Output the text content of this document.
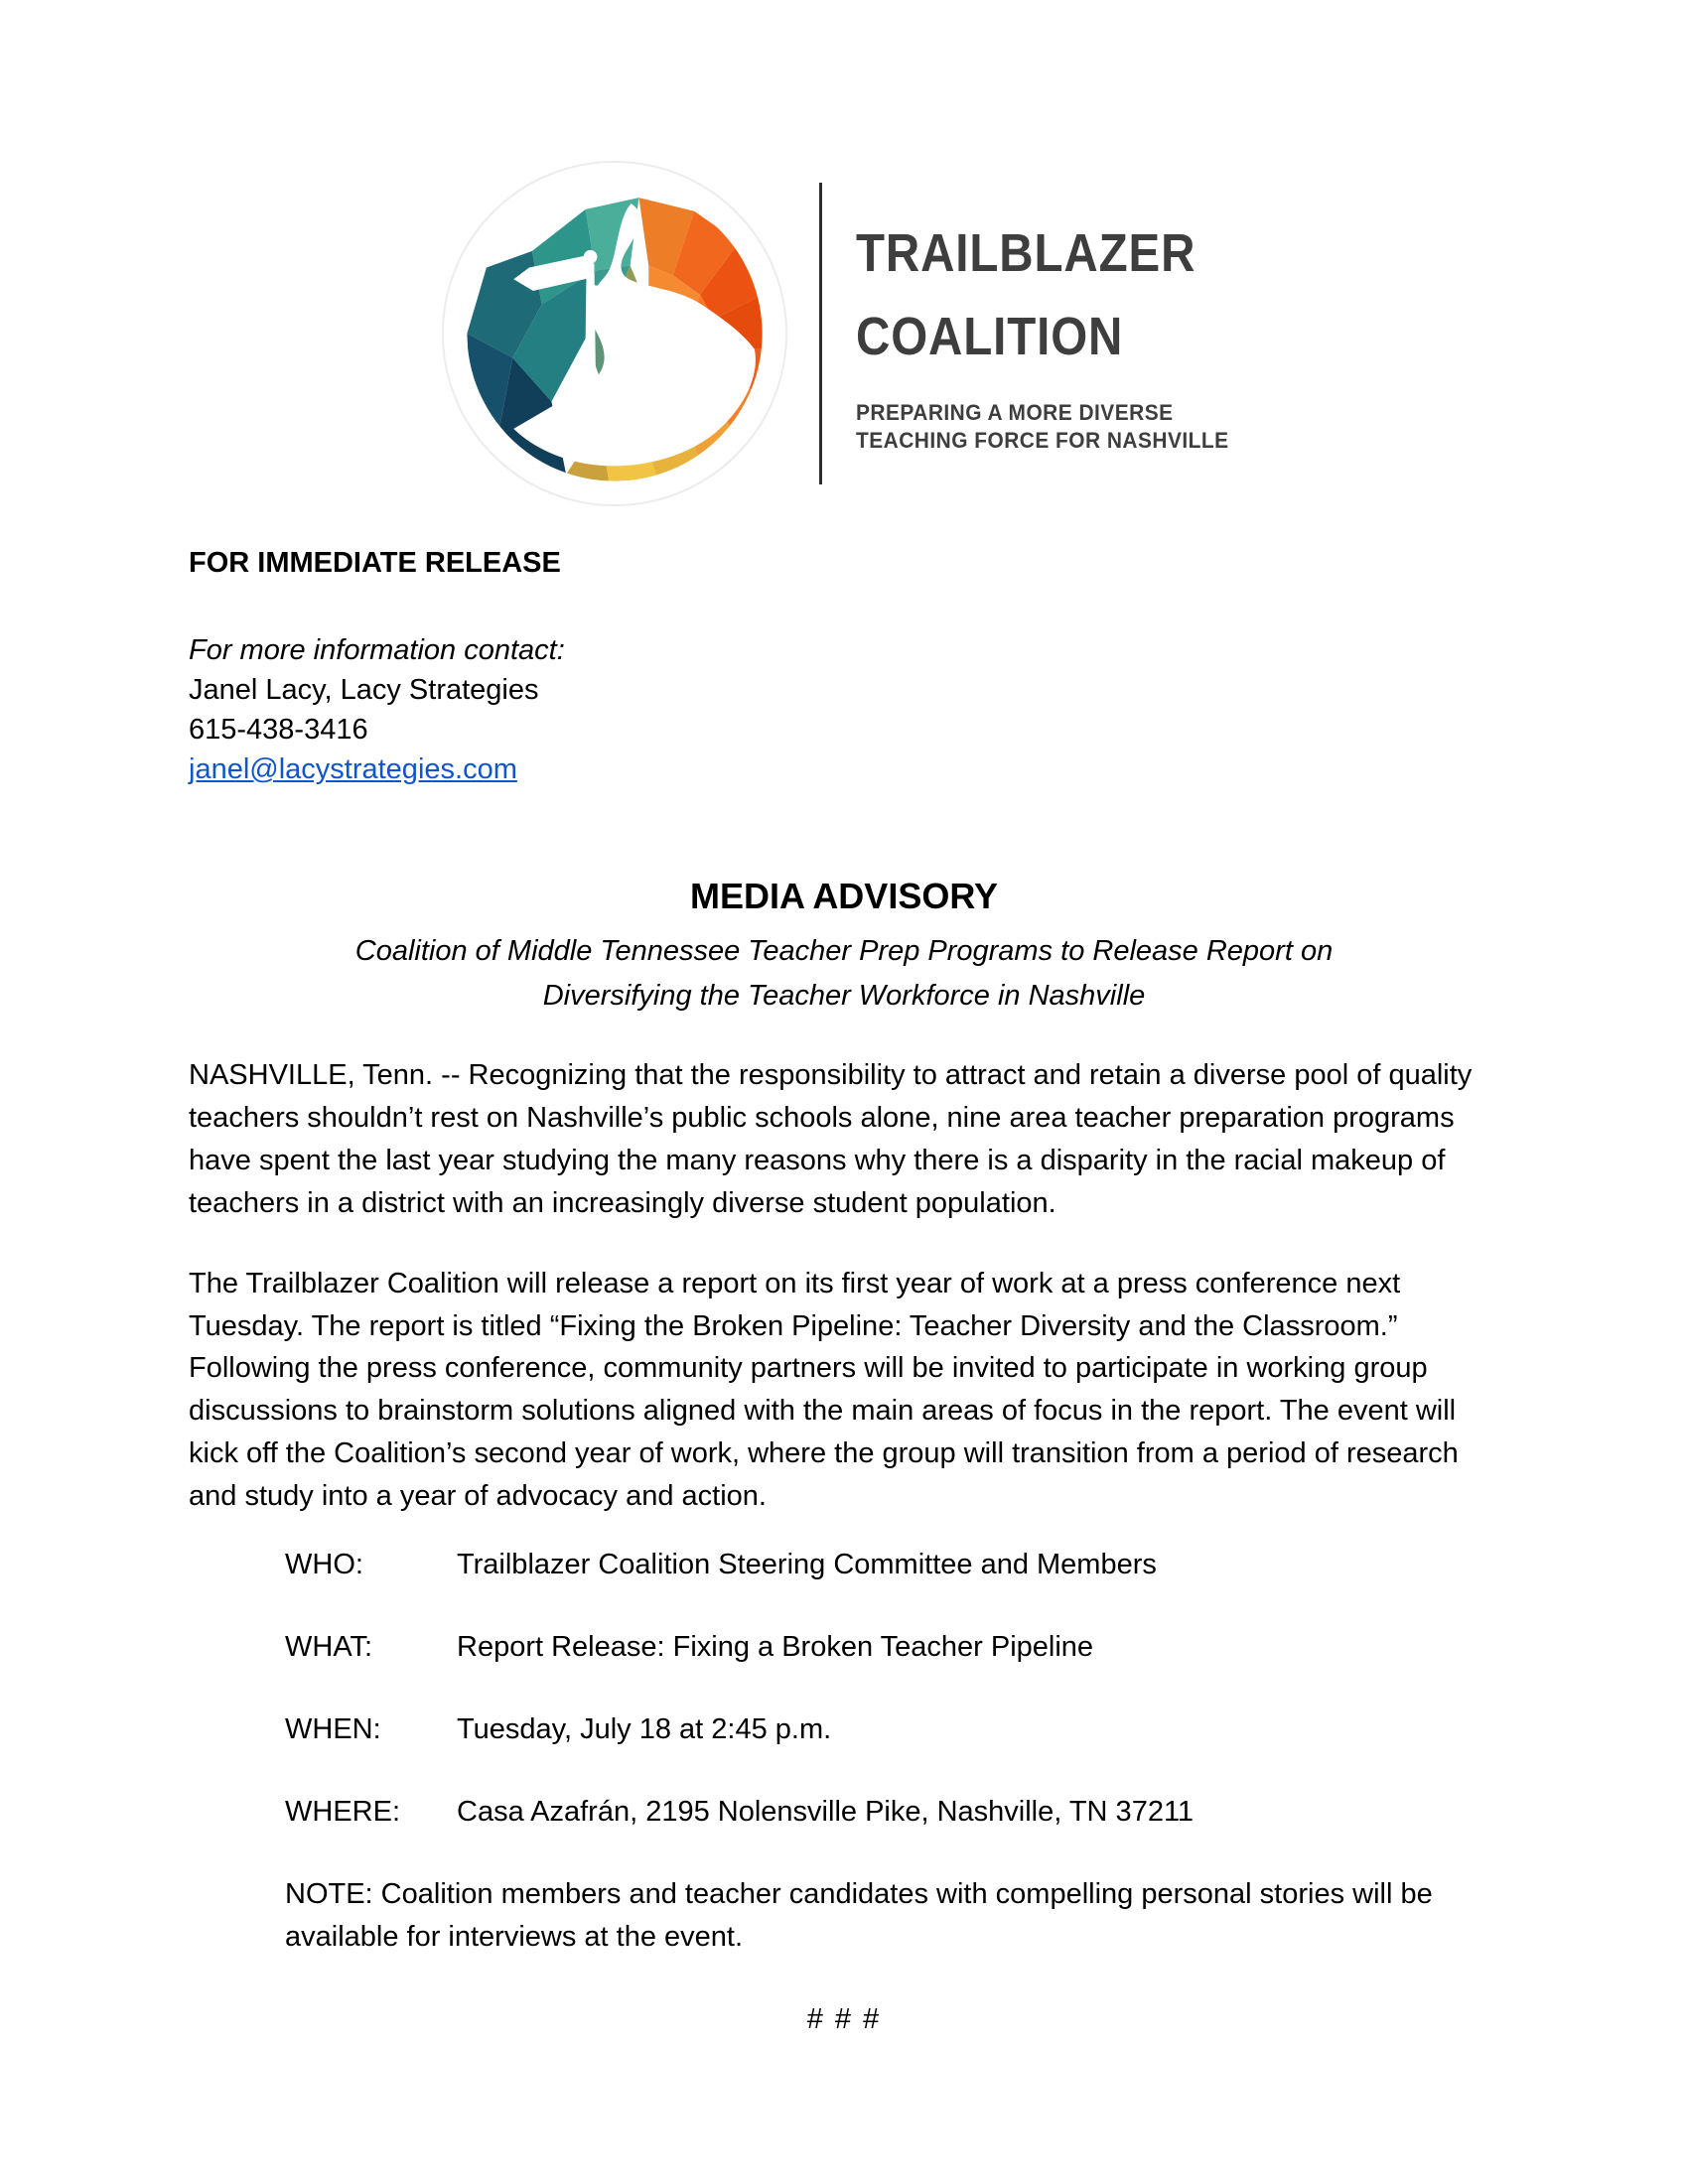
TRAILBLAZER
COALITION
PREPARING A MORE DIVERSE
TEACHING FORCE FOR NASHVILLE
FOR IMMEDIATE RELEASE
For more information contact:
Janel Lacy, Lacy Strategies
615-438-3416
janel@lacystrategies.com
MEDIA ADVISORY
Coalition of Middle Tennessee Teacher Prep Programs to Release Report on
Diversifying the Teacher Workforce in Nashville
NASHVILLE, Tenn. -- Recognizing that the responsibility to attract and retain a diverse pool of quality teachers shouldn’t rest on Nashville’s public schools alone, nine area teacher preparation programs have spent the last year studying the many reasons why there is a disparity in the racial makeup of teachers in a district with an increasingly diverse student population.
The Trailblazer Coalition will release a report on its first year of work at a press conference next Tuesday. The report is titled “Fixing the Broken Pipeline: Teacher Diversity and the Classroom.” Following the press conference, community partners will be invited to participate in working group discussions to brainstorm solutions aligned with the main areas of focus in the report. The event will kick off the Coalition’s second year of work, where the group will transition from a period of research and study into a year of advocacy and action.
WHO:	Trailblazer Coalition Steering Committee and Members
WHAT:	Report Release: Fixing a Broken Teacher Pipeline
WHEN:	Tuesday, July 18 at 2:45 p.m.
WHERE:	Casa Azafrán, 2195 Nolensville Pike, Nashville, TN 37211
NOTE: Coalition members and teacher candidates with compelling personal stories will be available for interviews at the event.
# # #
